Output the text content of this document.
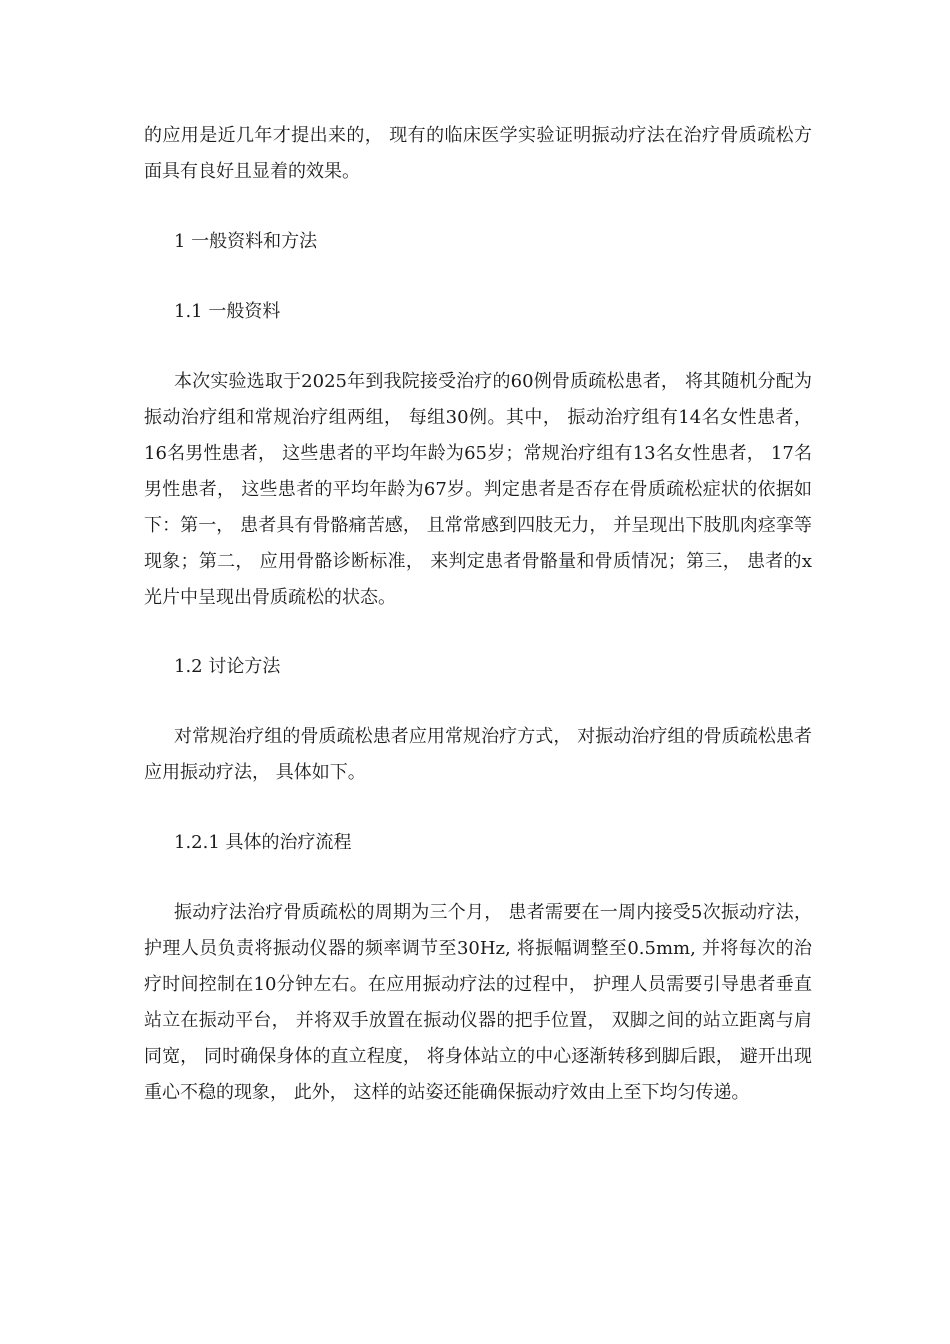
的应用是近几年才提出来的， 现有的临床医学实验证明振动疗法在治疗骨质疏松方面具有良好且显着的效果。

1 一般资料和方法

1.1 一般资料

本次实验选取于2025年到我院接受治疗的60例骨质疏松患者， 将其随机分配为振动治疗组和常规治疗组两组， 每组30例。其中， 振动治疗组有14名女性患者， 16名男性患者， 这些患者的平均年龄为65岁；常规治疗组有13名女性患者， 17名男性患者， 这些患者的平均年龄为67岁。判定患者是否存在骨质疏松症状的依据如下：第一， 患者具有骨骼痛苦感， 且常常感到四肢无力， 并呈现出下肢肌肉痉挛等现象；第二， 应用骨骼诊断标准， 来判定患者骨骼量和骨质情况；第三， 患者的x光片中呈现出骨质疏松的状态。

1.2 讨论方法

对常规治疗组的骨质疏松患者应用常规治疗方式， 对振动治疗组的骨质疏松患者应用振动疗法， 具体如下。

1.2.1 具体的治疗流程

振动疗法治疗骨质疏松的周期为三个月， 患者需要在一周内接受5次振动疗法， 护理人员负责将振动仪器的频率调节至30Hz, 将振幅调整至0.5mm, 并将每次的治疗时间控制在10分钟左右。在应用振动疗法的过程中， 护理人员需要引导患者垂直站立在振动平台， 并将双手放置在振动仪器的把手位置， 双脚之间的站立距离与肩同宽， 同时确保身体的直立程度， 将身体站立的中心逐渐转移到脚后跟， 避开出现重心不稳的现象， 此外， 这样的站姿还能确保振动疗效由上至下均匀传递。
